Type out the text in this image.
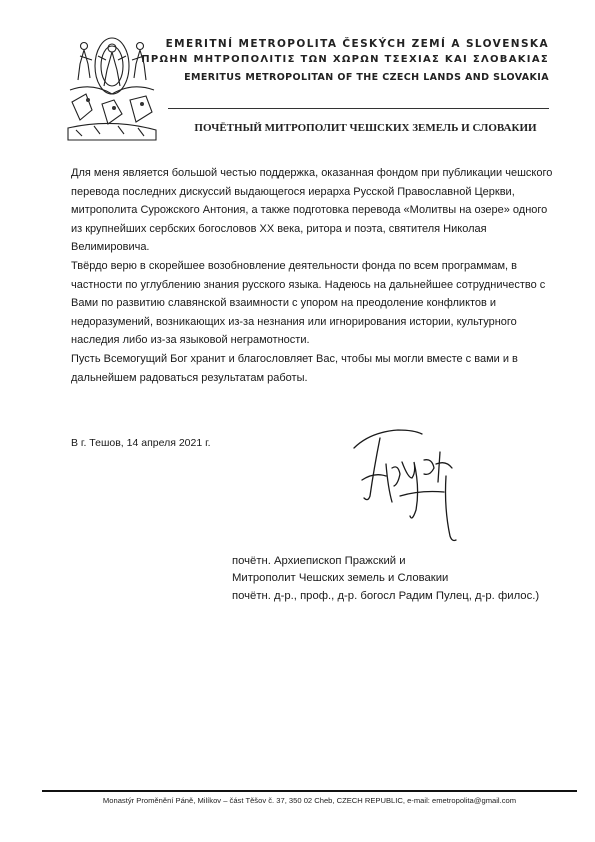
EMERITNÍ METROPOLITA ČESKÝCH ZEMÍ A SLOVENSKA
ΠΡΩΗΝ ΜΗΤΡΟΠΟΛΙΤΙΣ ΤΩΝ ΧΩΡΩΝ ΤΣΕΧΙΑΣ ΚΑΙ ΣΛΟΒΑΚΙΑΣ
EMERITUS METROPOLITAN OF THE CZECH LANDS AND SLOVAKIA
ПОЧЁТНЫЙ МИТРОПОЛИТ ЧЕШСКИХ ЗЕМЕЛЬ И СЛОВАКИИ

Для меня является большой честью поддержка, оказанная фондом при публикации чешского

перевода последних дискуссий выдающегося иерарха Русской Православной Церкви,

митрополита Сурожского Антония, а также подготовка перевода «Молитвы на озере» одного

из крупнейших сербских богословов XX века, ритора и поэта, святителя Николая

Велимировича.

Твёрдо верю в скорейшее возобновление деятельности фонда по всем программам, в

частности по углублению знания русского языка. Надеюсь на дальнейшее сотрудничество с

Вами по развитию славянской взаимности с упором на преодоление конфликтов и

недоразумений, возникающих из-за незнания или игнорирования истории, культурного

наследия либо из-за языковой неграмотности.

Пусть Всемогущий Бог хранит и благословляет Вас, чтобы мы могли вместе с вами и в

дальнейшем радоваться результатам работы.

В г. Тешов, 14 апреля 2021 г.
почётн. Архиепископ Пражский и
Митрополит Чешских земель и Словакии
почётн. д-р., проф., д-р. богосл Радим Пулец, д-р. филос.)
Monastýr Proměnění Páně, Milíkov – část Těšov č. 37, 350 02 Cheb, CZECH REPUBLIC, e-mail: emetropolita@gmail.com
